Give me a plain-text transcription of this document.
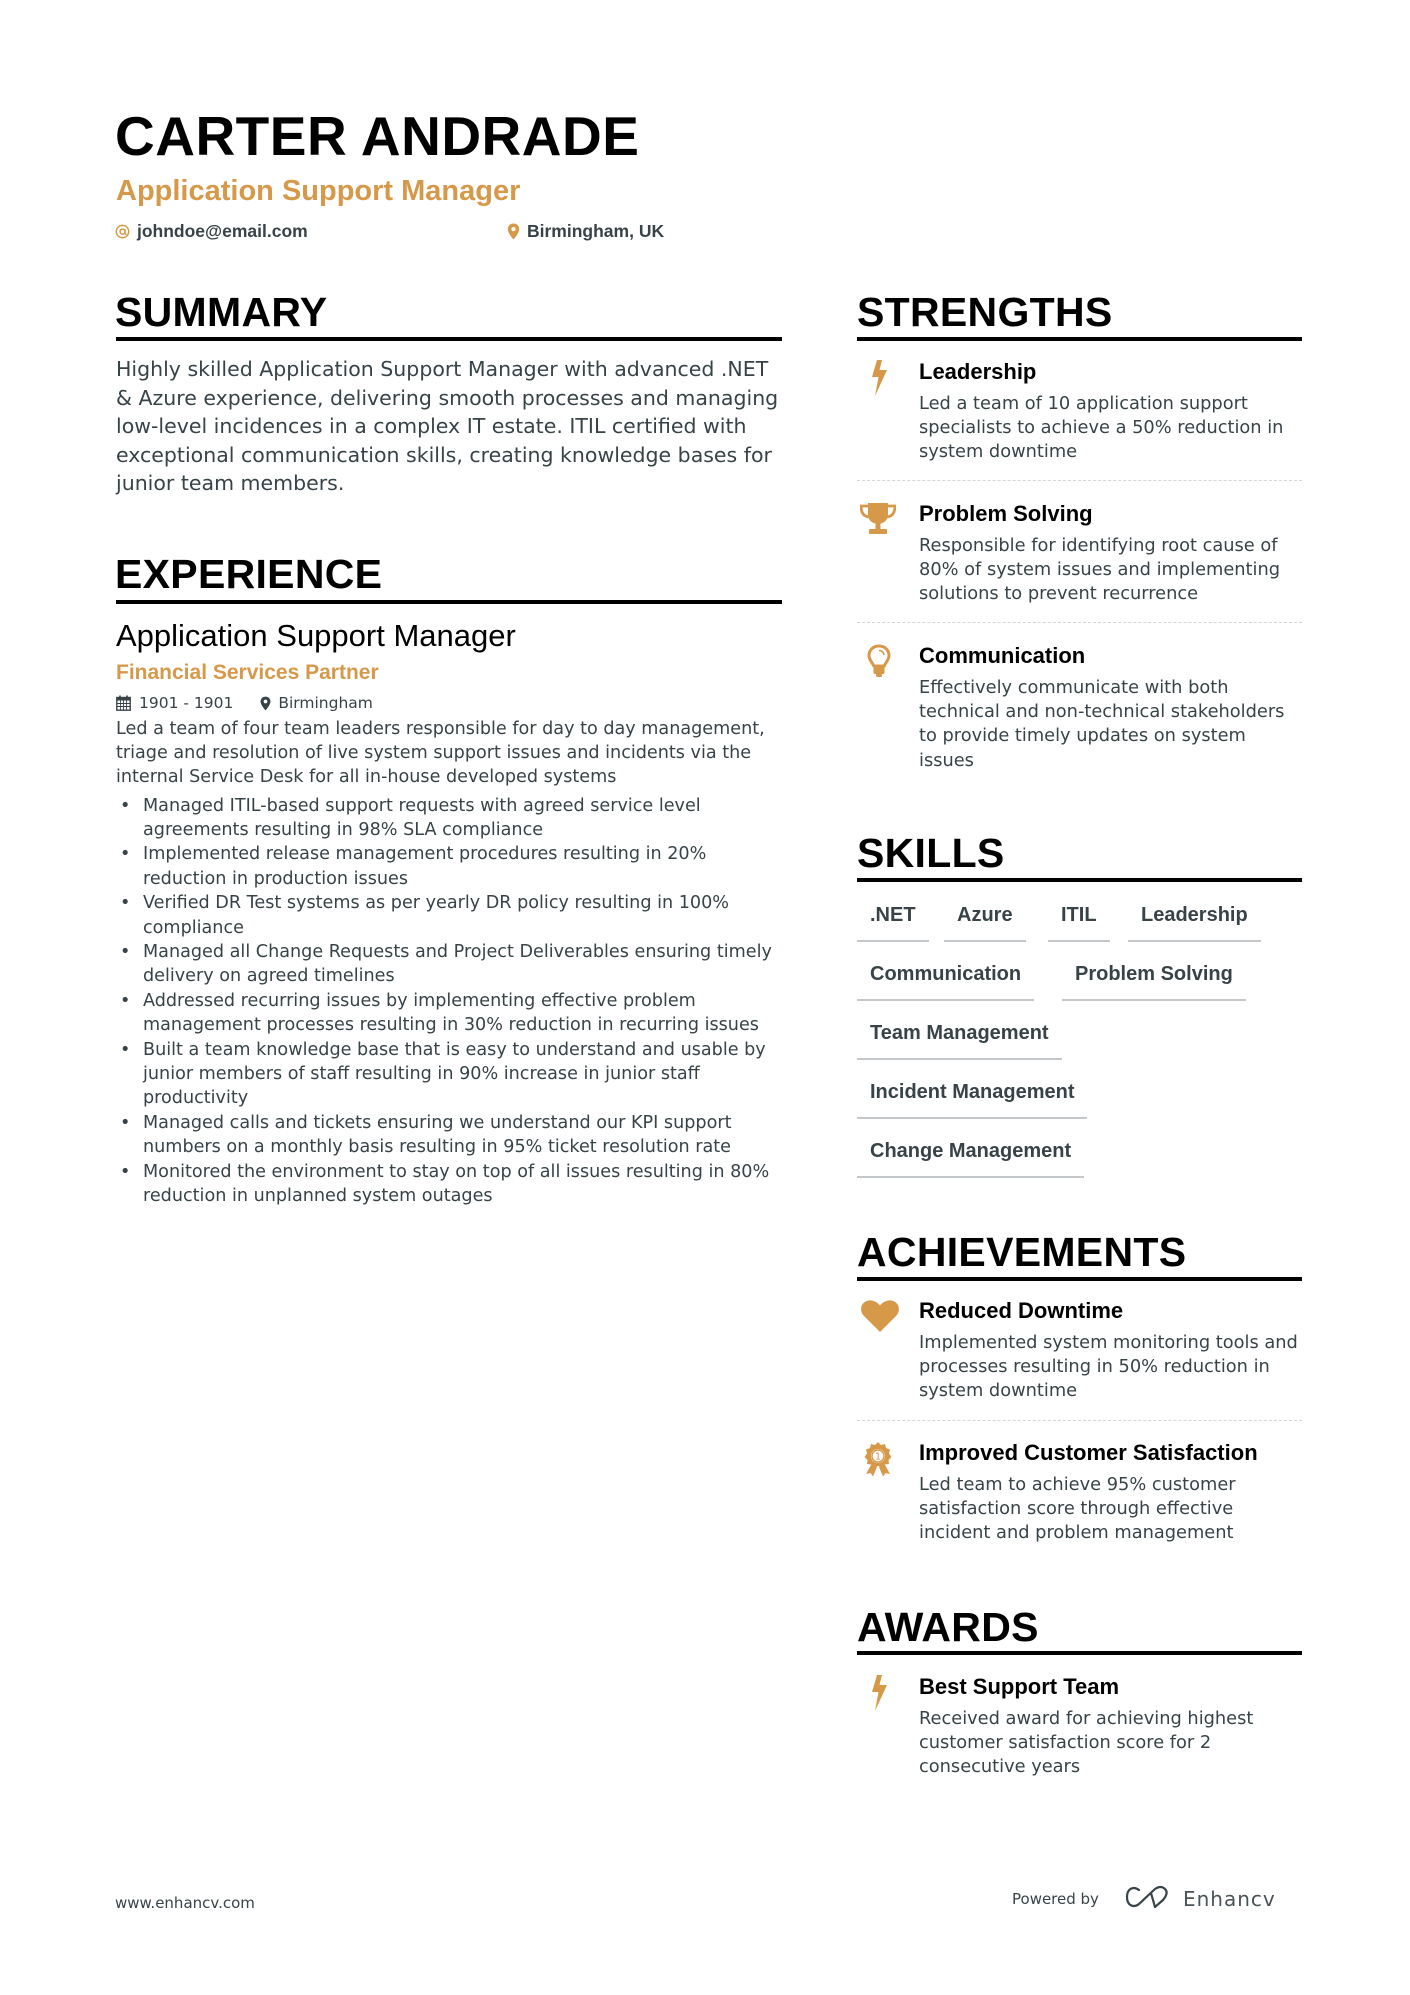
CARTER ANDRADE
Application Support Manager
johndoe@email.com	Birmingham, UK
SUMMARY
Highly skilled Application Support Manager with advanced .NET & Azure experience, delivering smooth processes and managing low-level incidences in a complex IT estate. ITIL certified with exceptional communication skills, creating knowledge bases for junior team members.
EXPERIENCE
Application Support Manager
Financial Services Partner
1901 - 1901	Birmingham
Led a team of four team leaders responsible for day to day management, triage and resolution of live system support issues and incidents via the internal Service Desk for all in-house developed systems
• Managed ITIL-based support requests with agreed service level agreements resulting in 98% SLA compliance
• Implemented release management procedures resulting in 20% reduction in production issues
• Verified DR Test systems as per yearly DR policy resulting in 100% compliance
• Managed all Change Requests and Project Deliverables ensuring timely delivery on agreed timelines
• Addressed recurring issues by implementing effective problem management processes resulting in 30% reduction in recurring issues
• Built a team knowledge base that is easy to understand and usable by junior members of staff resulting in 90% increase in junior staff productivity
• Managed calls and tickets ensuring we understand our KPI support numbers on a monthly basis resulting in 95% ticket resolution rate
• Monitored the environment to stay on top of all issues resulting in 80% reduction in unplanned system outages
STRENGTHS
Leadership
Led a team of 10 application support specialists to achieve a 50% reduction in system downtime
Problem Solving
Responsible for identifying root cause of 80% of system issues and implementing solutions to prevent recurrence
Communication
Effectively communicate with both technical and non-technical stakeholders to provide timely updates on system issues
SKILLS
.NET	Azure	ITIL	Leadership
Communication	Problem Solving
Team Management
Incident Management
Change Management
ACHIEVEMENTS
Reduced Downtime
Implemented system monitoring tools and processes resulting in 50% reduction in system downtime
1 Improved Customer Satisfaction
Led team to achieve 95% customer satisfaction score through effective incident and problem management
AWARDS
Best Support Team
Received award for achieving highest customer satisfaction score for 2 consecutive years
www.enhancv.com	Powered by	Enhancv
